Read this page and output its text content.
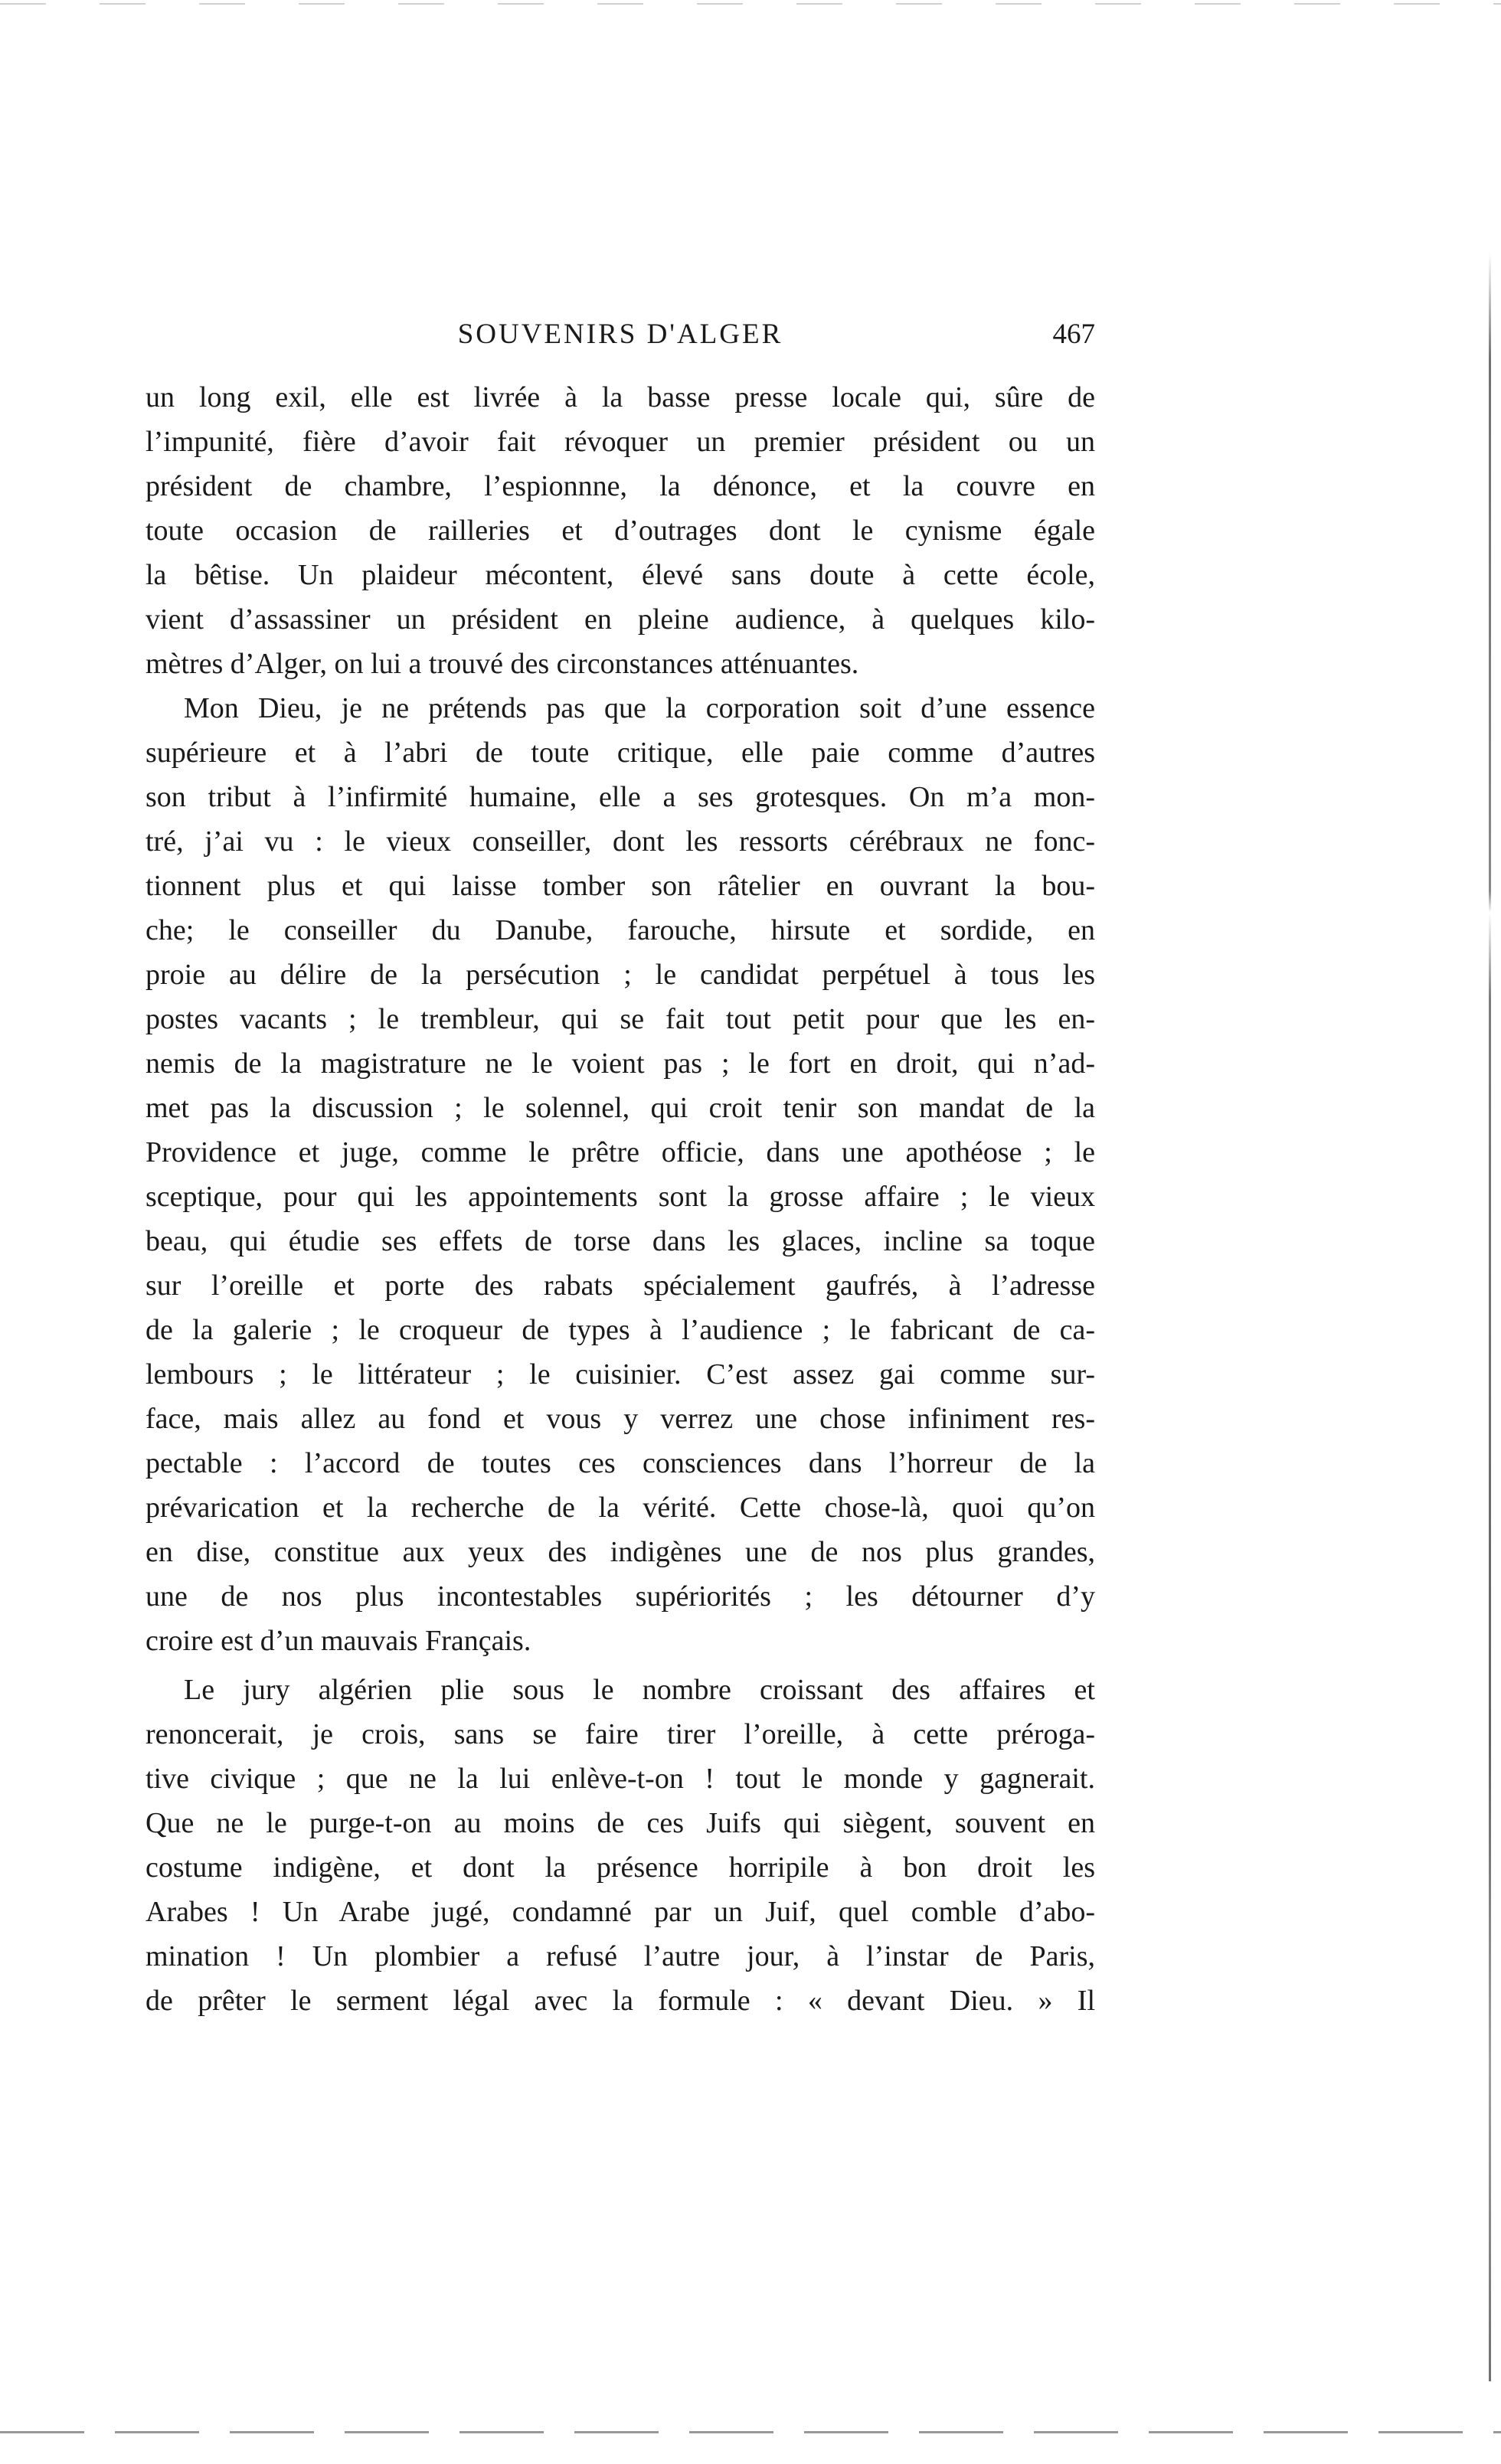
SOUVENIRS D'ALGER	467
un long exil, elle est livrée à la basse presse locale qui, sûre de
l’impunité, fière d’avoir fait révoquer un premier président ou un
président de chambre, l’espionnne, la dénonce, et la couvre en
toute occasion de railleries et d’outrages dont le cynisme égale
la bêtise. Un plaideur mécontent, élevé sans doute à cette école,
vient d’assassiner un président en pleine audience, à quelques kilo-
mètres d’Alger, on lui a trouvé des circonstances atténuantes.
Mon Dieu, je ne prétends pas que la corporation soit d’une essence
supérieure et à l’abri de toute critique, elle paie comme d’autres
son tribut à l’infirmité humaine, elle a ses grotesques. On m’a mon-
tré, j’ai vu : le vieux conseiller, dont les ressorts cérébraux ne fonc-
tionnent plus et qui laisse tomber son râtelier en ouvrant la bou-
che; le conseiller du Danube, farouche, hirsute et sordide, en
proie au délire de la persécution ; le candidat perpétuel à tous les
postes vacants ; le trembleur, qui se fait tout petit pour que les en-
nemis de la magistrature ne le voient pas ; le fort en droit, qui n’ad-
met pas la discussion ; le solennel, qui croit tenir son mandat de la
Providence et juge, comme le prêtre officie, dans une apothéose ; le
sceptique, pour qui les appointements sont la grosse affaire ; le vieux
beau, qui étudie ses effets de torse dans les glaces, incline sa toque
sur l’oreille et porte des rabats spécialement gaufrés, à l’adresse
de la galerie ; le croqueur de types à l’audience ; le fabricant de ca-
lembours ; le littérateur ; le cuisinier. C’est assez gai comme sur-
face, mais allez au fond et vous y verrez une chose infiniment res-
pectable : l’accord de toutes ces consciences dans l’horreur de la
prévarication et la recherche de la vérité. Cette chose-là, quoi qu’on
en dise, constitue aux yeux des indigènes une de nos plus grandes,
une de nos plus incontestables supériorités ; les détourner d’y
croire est d’un mauvais Français.
Le jury algérien plie sous le nombre croissant des affaires et
renoncerait, je crois, sans se faire tirer l’oreille, à cette préroga-
tive civique ; que ne la lui enlève-t-on ! tout le monde y gagnerait.
Que ne le purge-t-on au moins de ces Juifs qui siègent, souvent en
costume indigène, et dont la présence horripile à bon droit les
Arabes ! Un Arabe jugé, condamné par un Juif, quel comble d’abo-
mination ! Un plombier a refusé l’autre jour, à l’instar de Paris,
de prêter le serment légal avec la formule : « devant Dieu. » Il
